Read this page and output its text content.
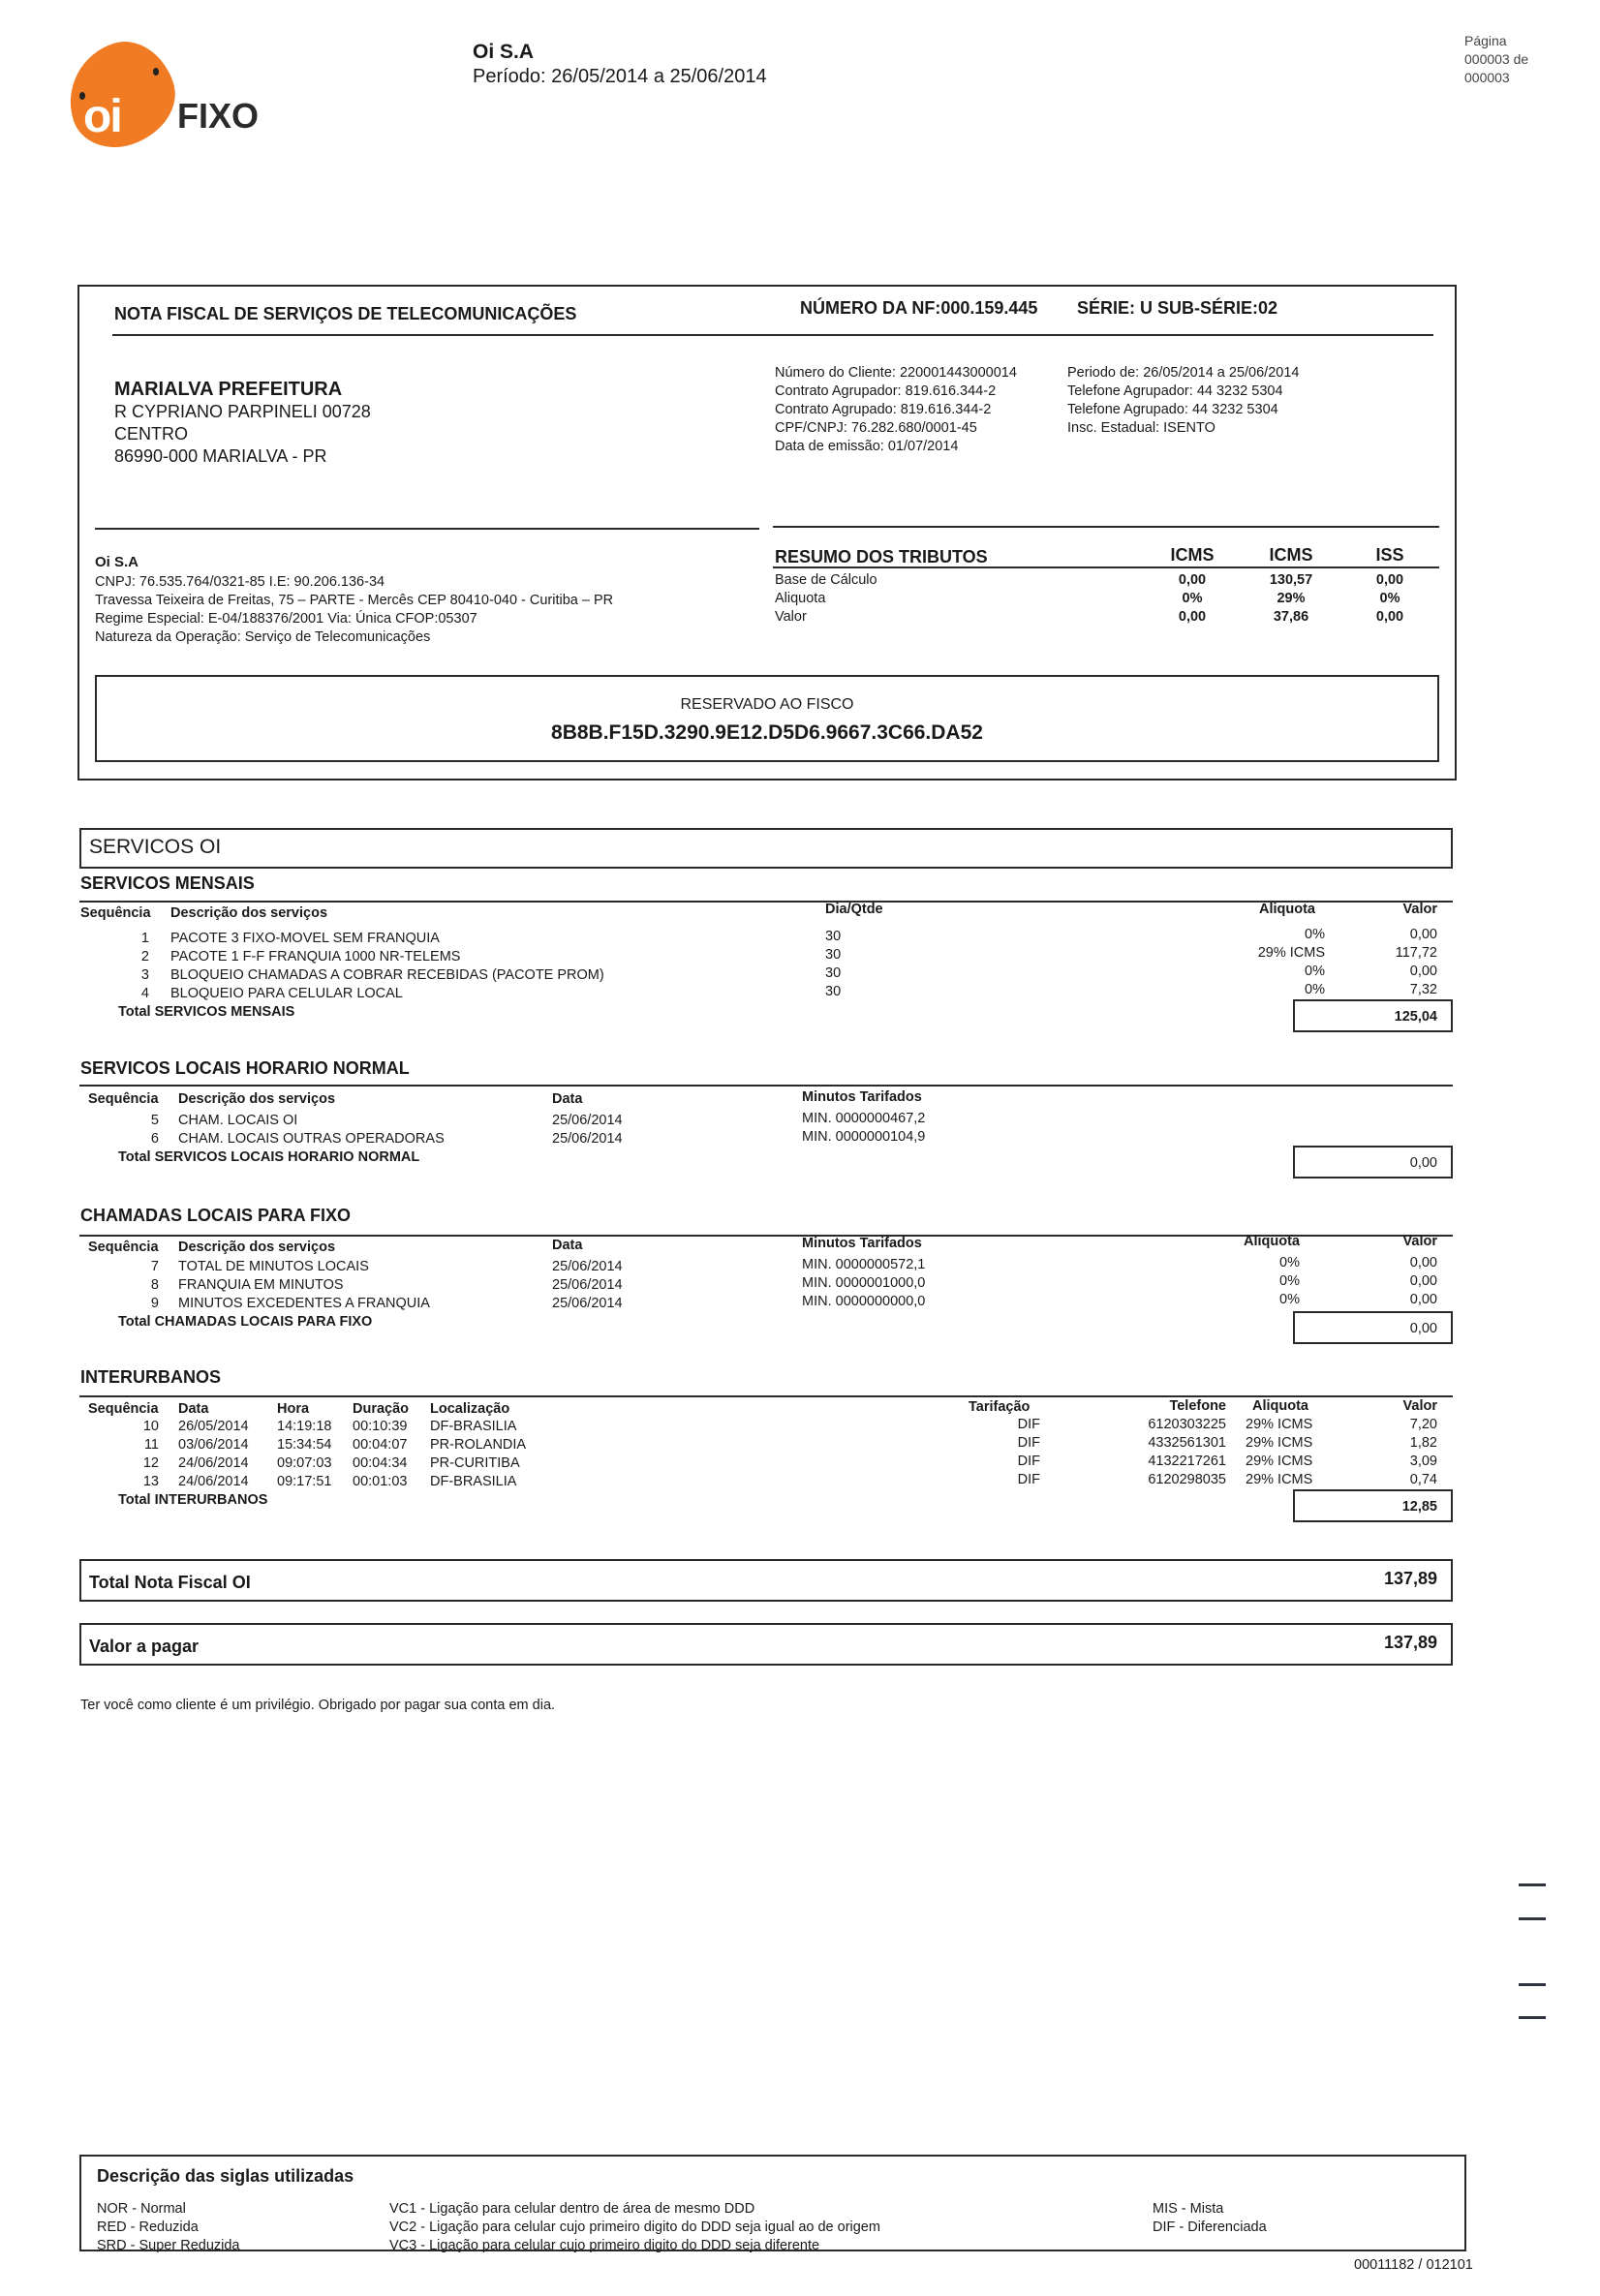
oi FIXO
Oi S.A
Período: 26/05/2014 a 25/06/2014
Página
000003 de
000003
NOTA FISCAL DE SERVIÇOS DE TELECOMUNICAÇÕES	NÚMERO DA NF:000.159.445 SÉRIE: U SUB-SÉRIE:02
MARIALVA PREFEITURA
R CYPRIANO PARPINELI 00728
CENTRO
86990-000 MARIALVA - PR
Número do Cliente: 220001443000014
Contrato Agrupador: 819.616.344-2
Contrato Agrupado: 819.616.344-2
CPF/CNPJ: 76.282.680/0001-45
Data de emissão: 01/07/2014
Periodo de: 26/05/2014 a 25/06/2014
Telefone Agrupador: 44 3232 5304
Telefone Agrupado: 44 3232 5304
Insc. Estadual: ISENTO
Oi S.A
CNPJ: 76.535.764/0321-85 I.E: 90.206.136-34
Travessa Teixeira de Freitas, 75 – PARTE - Mercês CEP 80410-040 - Curitiba – PR
Regime Especial: E-04/188376/2001 Via: Única CFOP:05307
Natureza da Operação: Serviço de Telecomunicações
RESUMO DOS TRIBUTOS	ICMS	ICMS	ISS
Base de Cálculo	0,00	130,57	0,00
Aliquota	0%	29%	0%
Valor	0,00	37,86	0,00
RESERVADO AO FISCO
8B8B.F15D.3290.9E12.D5D6.9667.3C66.DA52
SERVICOS OI
SERVICOS MENSAIS
Sequência Descrição dos serviços	Dia/Qtde	Aliquota	Valor
1 PACOTE 3 FIXO-MOVEL SEM FRANQUIA	30	0%	0,00
2 PACOTE 1 F-F FRANQUIA 1000 NR-TELEMS	30	29% ICMS	117,72
3 BLOQUEIO CHAMADAS A COBRAR RECEBIDAS (PACOTE PROM)	30	0%	0,00
4 BLOQUEIO PARA CELULAR LOCAL	30	0%	7,32
Total SERVICOS MENSAIS	125,04
SERVICOS LOCAIS HORARIO NORMAL
Sequência Descrição dos serviços	Data	Minutos Tarifados
5 CHAM. LOCAIS OI	25/06/2014	MIN. 0000000467,2
6 CHAM. LOCAIS OUTRAS OPERADORAS	25/06/2014	MIN. 0000000104,9
Total SERVICOS LOCAIS HORARIO NORMAL	0,00
CHAMADAS LOCAIS PARA FIXO
Sequência Descrição dos serviços	Data	Minutos Tarifados	Aliquota	Valor
7 TOTAL DE MINUTOS LOCAIS	25/06/2014	MIN. 0000000572,1	0%	0,00
8 FRANQUIA EM MINUTOS	25/06/2014	MIN. 0000001000,0	0%	0,00
9 MINUTOS EXCEDENTES A FRANQUIA	25/06/2014	MIN. 0000000000,0	0%	0,00
Total CHAMADAS LOCAIS PARA FIXO	0,00
INTERURBANOS
Sequência Data	Hora	Duração Localização	Tarifação	Telefone Aliquota	Valor
10 26/05/2014 14:19:18 00:10:39 DF-BRASILIA	DIF	6120303225 29% ICMS	7,20
11 03/06/2014 15:34:54 00:04:07 PR-ROLANDIA	DIF	4332561301 29% ICMS	1,82
12 24/06/2014 09:07:03 00:04:34 PR-CURITIBA	DIF	4132217261 29% ICMS	3,09
13 24/06/2014 09:17:51 00:01:03 DF-BRASILIA	DIF	6120298035 29% ICMS	0,74
Total INTERURBANOS	12,85
Total Nota Fiscal OI	137,89
Valor a pagar	137,89
Ter você como cliente é um privilégio. Obrigado por pagar sua conta em dia.
Descrição das siglas utilizadas
NOR - Normal
RED - Reduzida
SRD - Super Reduzida
VC1 - Ligação para celular dentro de área de mesmo DDD
VC2 - Ligação para celular cujo primeiro digito do DDD seja igual ao de origem
VC3 - Ligação para celular cujo primeiro digito do DDD seja diferente
MIS - Mista
DIF - Diferenciada
00011182 / 012101
